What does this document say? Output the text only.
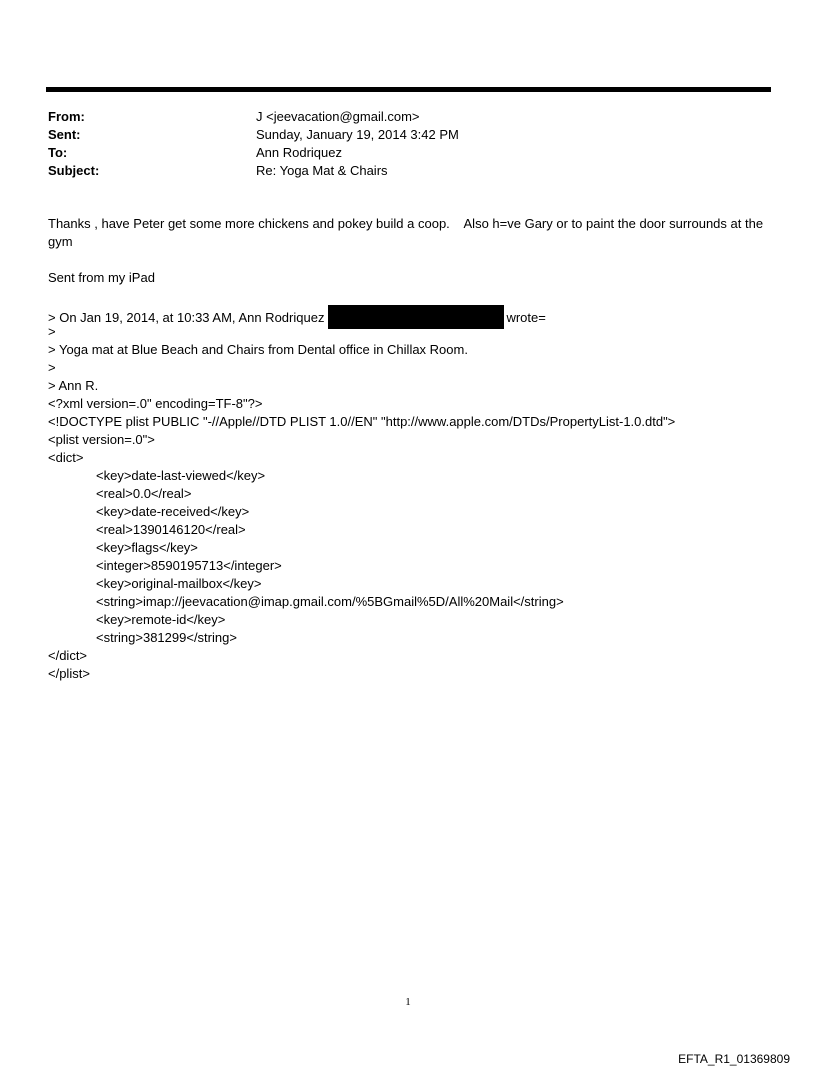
From:	J <jeevacation@gmail.com>
Sent:	Sunday, January 19, 2014 3:42 PM
To:	Ann Rodriquez
Subject:	Re: Yoga Mat & Chairs
Thanks , have Peter get some more chickens and pokey build a coop.    Also h=ve Gary or to paint the door surrounds at the gym
Sent from my iPad
> On Jan 19, 2014, at 10:33 AM, Ann Rodriquez	wrote=
>
> Yoga mat at Blue Beach and Chairs from Dental office in Chillax Room.
>
> Ann R.
<?xml version=.0" encoding=TF-8"?>
<!DOCTYPE plist PUBLIC "-//Apple//DTD PLIST 1.0//EN" "http://www.apple.com/DTDs/PropertyList-1.0.dtd">
<plist version=.0">
<dict>
<key>date-last-viewed</key>
<real>0.0</real>
<key>date-received</key>
<real>1390146120</real>
<key>flags</key>
<integer>8590195713</integer>
<key>original-mailbox</key>
<string>imap://jeevacation@imap.gmail.com/%5BGmail%5D/All%20Mail</string>
<key>remote-id</key>
<string>381299</string>
</dict>
</plist>
1
EFTA_R1_01369809
